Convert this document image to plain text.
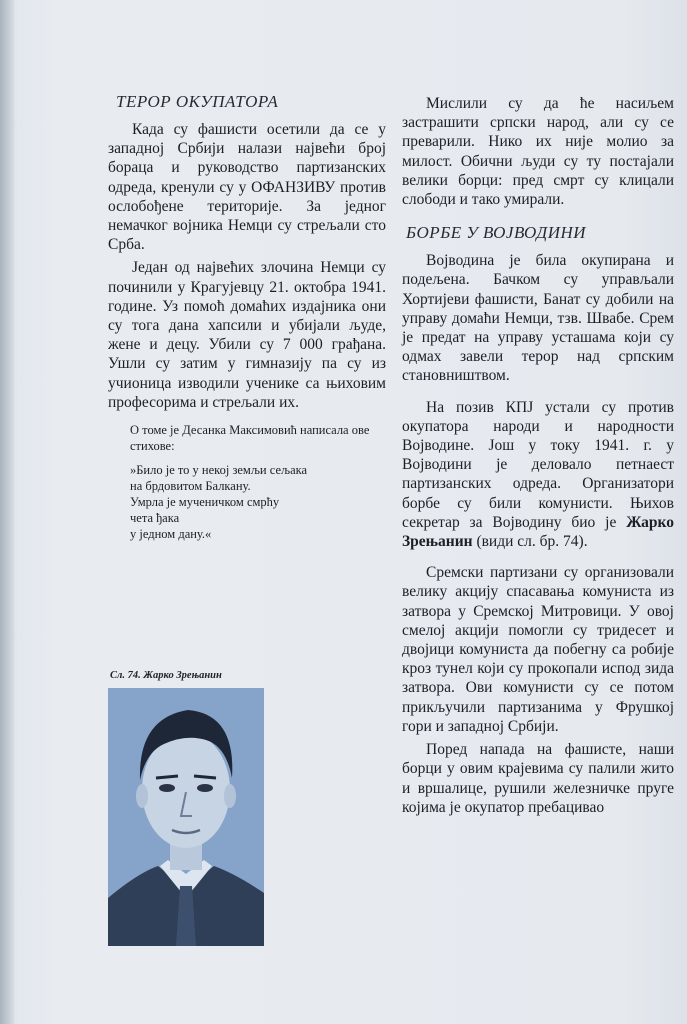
ТЕРОР ОКУПАТОРА

Када су фашисти осетили да се у западној Србији налази највећи број бораца и руководство партизанских одреда, кренули су у ОФАНЗИВУ против ослобођене територије. За једног немачког војника Немци су стрељали сто Срба.

Један од највећих злочина Немци су починили у Крагујевцу 21. октобра 1941. године. Уз помоћ домаћих издајника они су тога дана хапсили и убијали људе, жене и децу. Убили су 7 000 грађана. Ушли су затим у гимназију па су из учионица изводили ученике са њиховим професорима и стрељали их.

О томе је Десанка Максимовић написала ове стихове:

»Било је то у некој земљи сељака
на брдовитом Балкану.
Умрла је мученичком смрћу
чета ђака
у једном дану.«
Сл. 74. Жарко Зрењанин

Мислили су да ће насиљем застрашити српски народ, али су се преварили. Нико их није молио за милост. Обични људи су ту постајали велики борци: пред смрт су клицали слободи и тако умирали.

БОРБЕ У ВОЈВОДИНИ

Војводина је била окупирана и подељена. Бачком су управљали Хортијеви фашисти, Банат су добили на управу домаћи Немци, тзв. Швабе. Срем је предат на управу усташама који су одмах завели терор над српским становништвом.

На позив КПЈ устали су против окупатора народи и народности Војводине. Још у току 1941. г. у Војводини је деловало петнаест партизанских одреда. Организатори борбе су били комунисти. Њихов секретар за Војводину био је Жарко Зрењанин (види сл. бр. 74).

Сремски партизани су организовали велику акцију спасавања комуниста из затвора у Сремској Митровици. У овој смелој акцији помогли су тридесет и двојици комуниста да побегну са робије кроз тунел који су прокопали испод зида затвора. Ови комунисти су се потом прикључили партизанима у Фрушкој гори и западној Србији.

Поред напада на фашисте, наши борци у овим крајевима су палили жито и вршалице, рушили железничке пруге којима је окупатор пребацивао
